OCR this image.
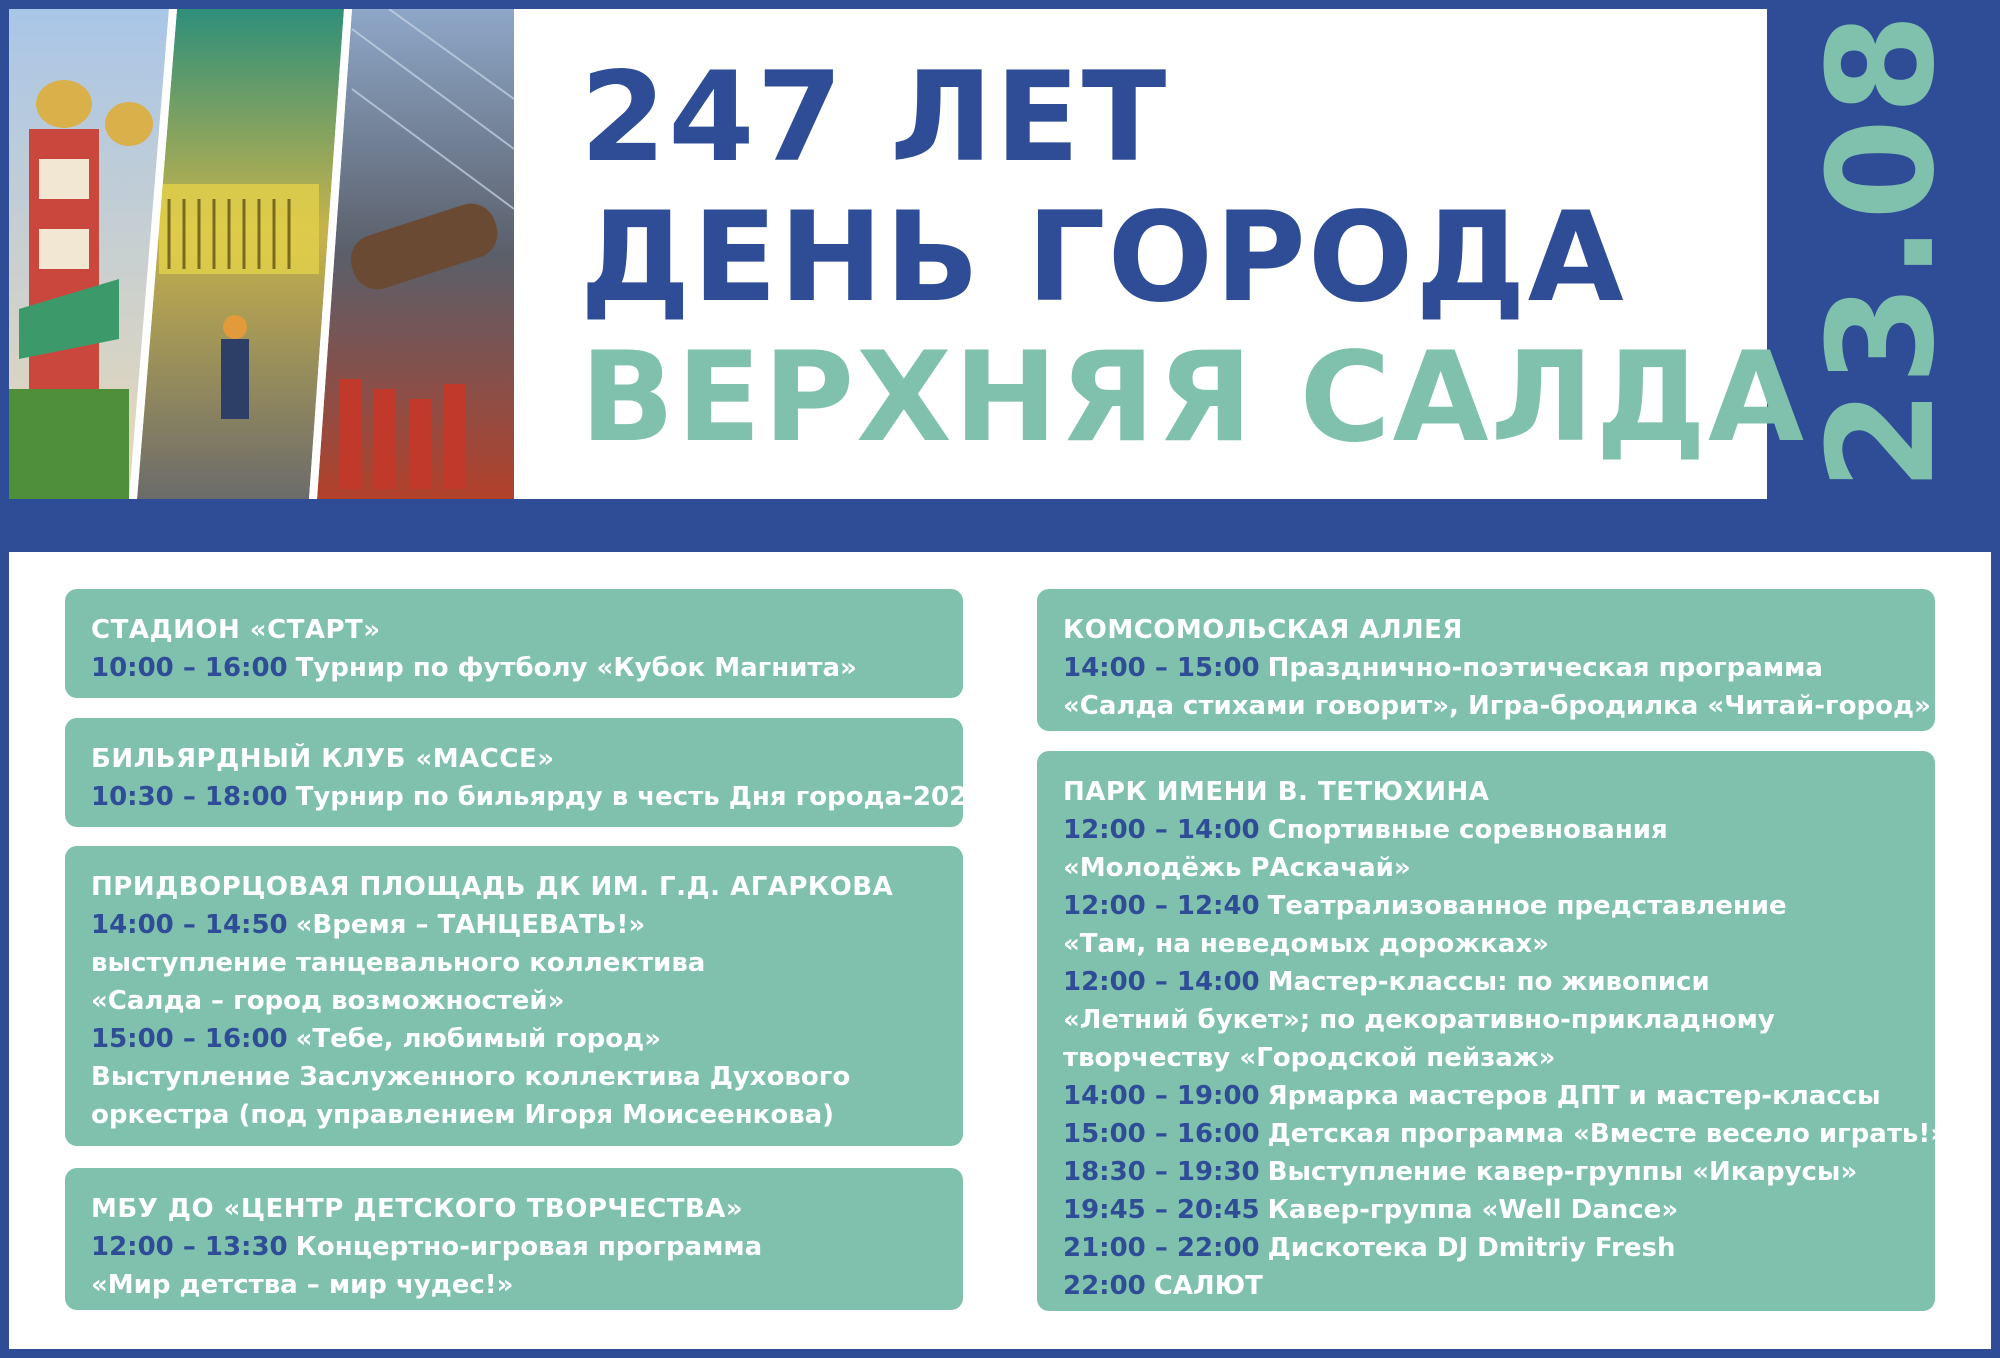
247 ЛЕТ
ДЕНЬ ГОРОДА
ВЕРХНЯЯ САЛДА
23.08
СТАДИОН «СТАРТ»
10:00 – 16:00 Турнир по футболу «Кубок Магнита»
БИЛЬЯРДНЫЙ КЛУБ «МАССЕ»
10:30 – 18:00 Турнир по бильярду в честь Дня города-2025
ПРИДВОРЦОВАЯ ПЛОЩАДЬ ДК ИМ. Г.Д. АГАРКОВА
14:00 – 14:50 «Время – ТАНЦЕВАТЬ!»
выступление танцевального коллектива
«Салда – город возможностей»
15:00 – 16:00 «Тебе, любимый город»
Выступление Заслуженного коллектива Духового
оркестра (под управлением Игоря Моисеенкова)
МБУ ДО «ЦЕНТР ДЕТСКОГО ТВОРЧЕСТВА»
12:00 – 13:30 Концертно-игровая программа
«Мир детства – мир чудес!»
КОМСОМОЛЬСКАЯ АЛЛЕЯ
14:00 – 15:00 Празднично-поэтическая программа
«Салда стихами говорит», Игра-бродилка «Читай-город»
ПАРК ИМЕНИ В. ТЕТЮХИНА
12:00 – 14:00 Спортивные соревнования
«Молодёжь РАскачай»
12:00 – 12:40 Театрализованное представление
«Там, на неведомых дорожках»
12:00 – 14:00 Мастер-классы: по живописи
«Летний букет»; по декоративно-прикладному
творчеству «Городской пейзаж»
14:00 – 19:00 Ярмарка мастеров ДПТ и мастер-классы
15:00 – 16:00 Детская программа «Вместе весело играть!»
18:30 – 19:30 Выступление кавер-группы «Икарусы»
19:45 – 20:45 Кавер-группа «Well Dance»
21:00 – 22:00 Дискотека DJ Dmitriy Fresh
22:00 САЛЮТ
